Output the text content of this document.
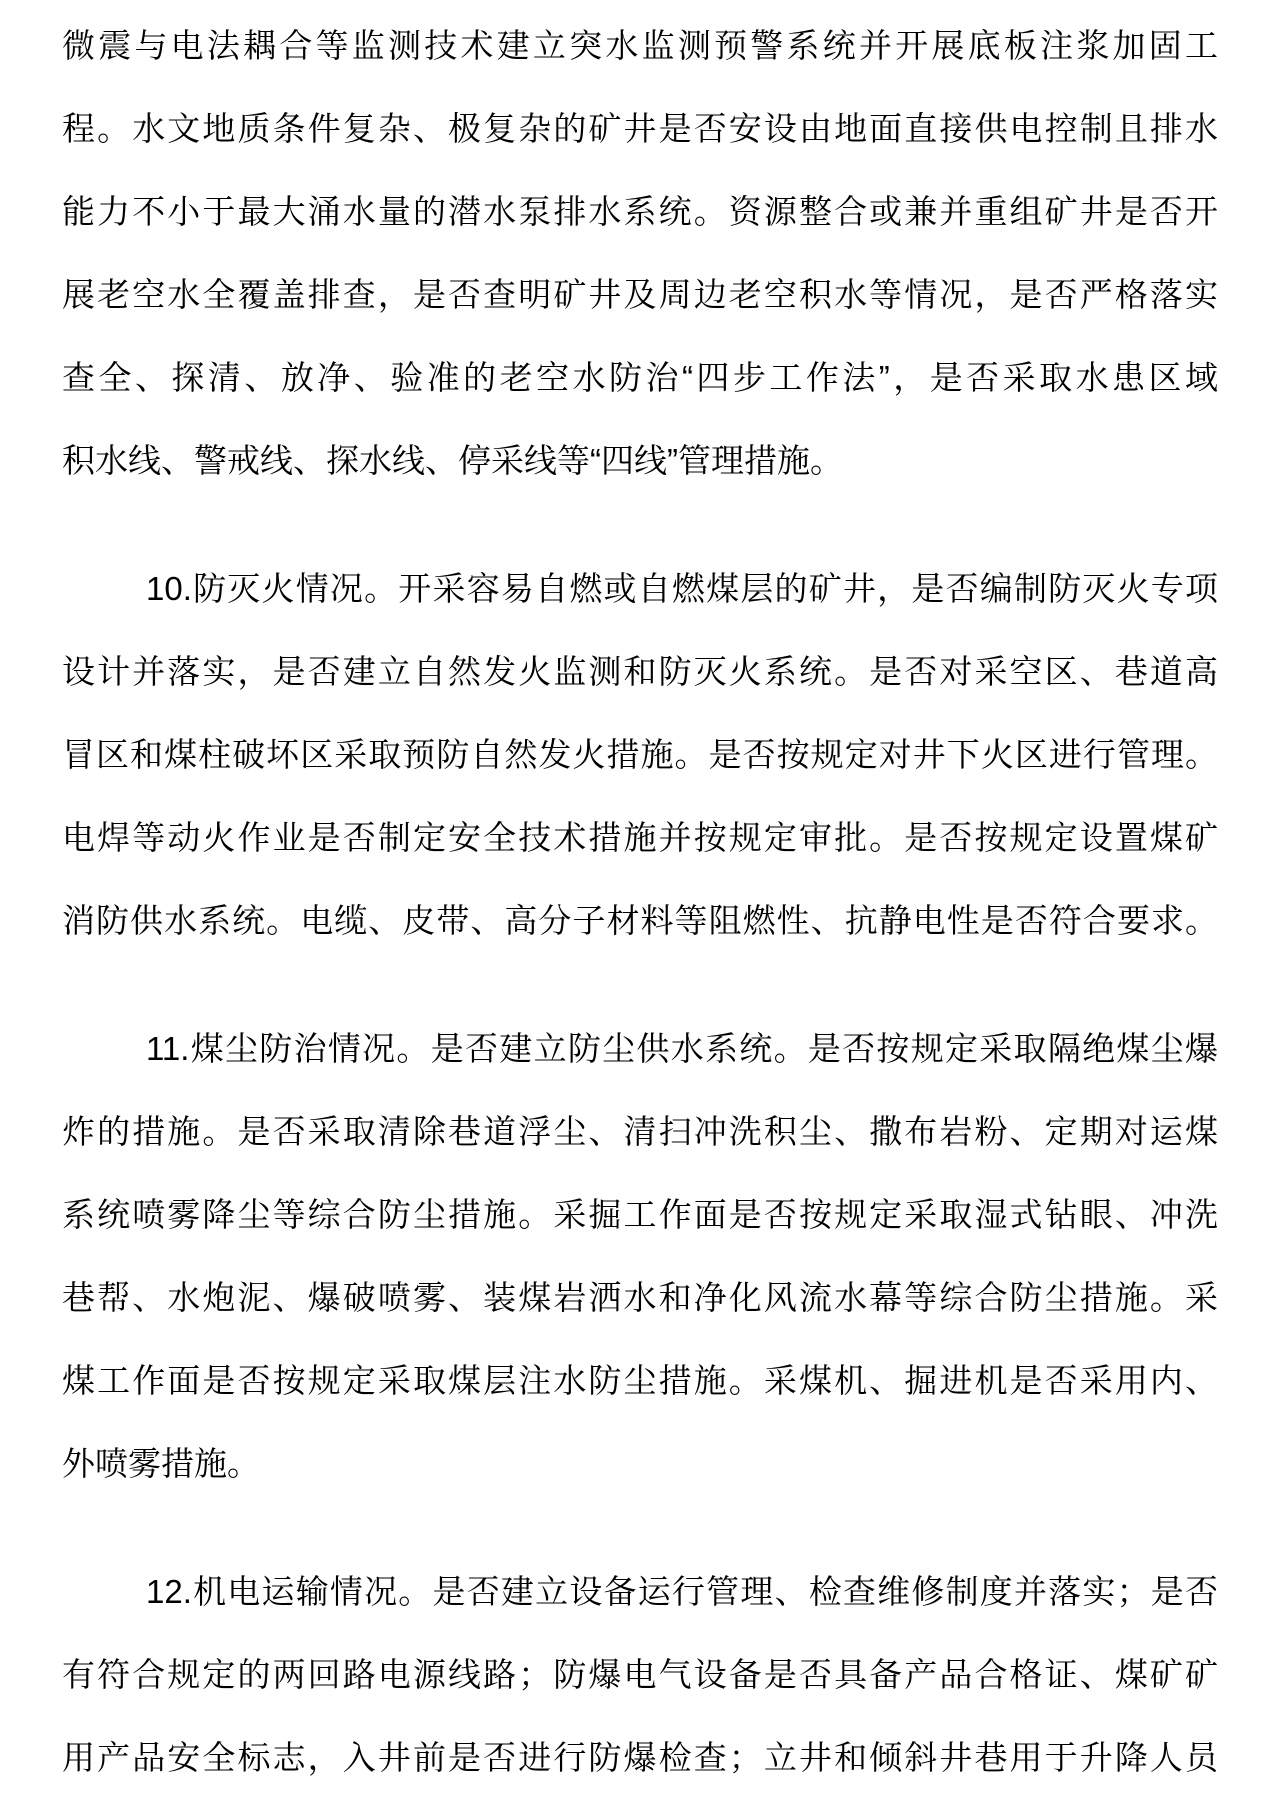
微震与电法耦合等监测技术建立突水监测预警系统并开展底板注浆加固工
程。水文地质条件复杂、极复杂的矿井是否安设由地面直接供电控制且排水
能力不小于最大涌水量的潜水泵排水系统。资源整合或兼并重组矿井是否开
展老空水全覆盖排查，是否查明矿井及周边老空积水等情况，是否严格落实
查全、探清、放净、验准的老空水防治“四步工作法”，是否采取水患区域
积水线、警戒线、探水线、停采线等“四线”管理措施。
10.防灭火情况。开采容易自燃或自燃煤层的矿井，是否编制防灭火专项
设计并落实，是否建立自然发火监测和防灭火系统。是否对采空区、巷道高
冒区和煤柱破坏区采取预防自然发火措施。是否按规定对井下火区进行管理。
电焊等动火作业是否制定安全技术措施并按规定审批。是否按规定设置煤矿
消防供水系统。电缆、皮带、高分子材料等阻燃性、抗静电性是否符合要求。
11.煤尘防治情况。是否建立防尘供水系统。是否按规定采取隔绝煤尘爆
炸的措施。是否采取清除巷道浮尘、清扫冲洗积尘、撒布岩粉、定期对运煤
系统喷雾降尘等综合防尘措施。采掘工作面是否按规定采取湿式钻眼、冲洗
巷帮、水炮泥、爆破喷雾、装煤岩洒水和净化风流水幕等综合防尘措施。采
煤工作面是否按规定采取煤层注水防尘措施。采煤机、掘进机是否采用内、
外喷雾措施。
12.机电运输情况。是否建立设备运行管理、检查维修制度并落实；是否
有符合规定的两回路电源线路；防爆电气设备是否具备产品合格证、煤矿矿
用产品安全标志，入井前是否进行防爆检查；立井和倾斜井巷用于升降人员
